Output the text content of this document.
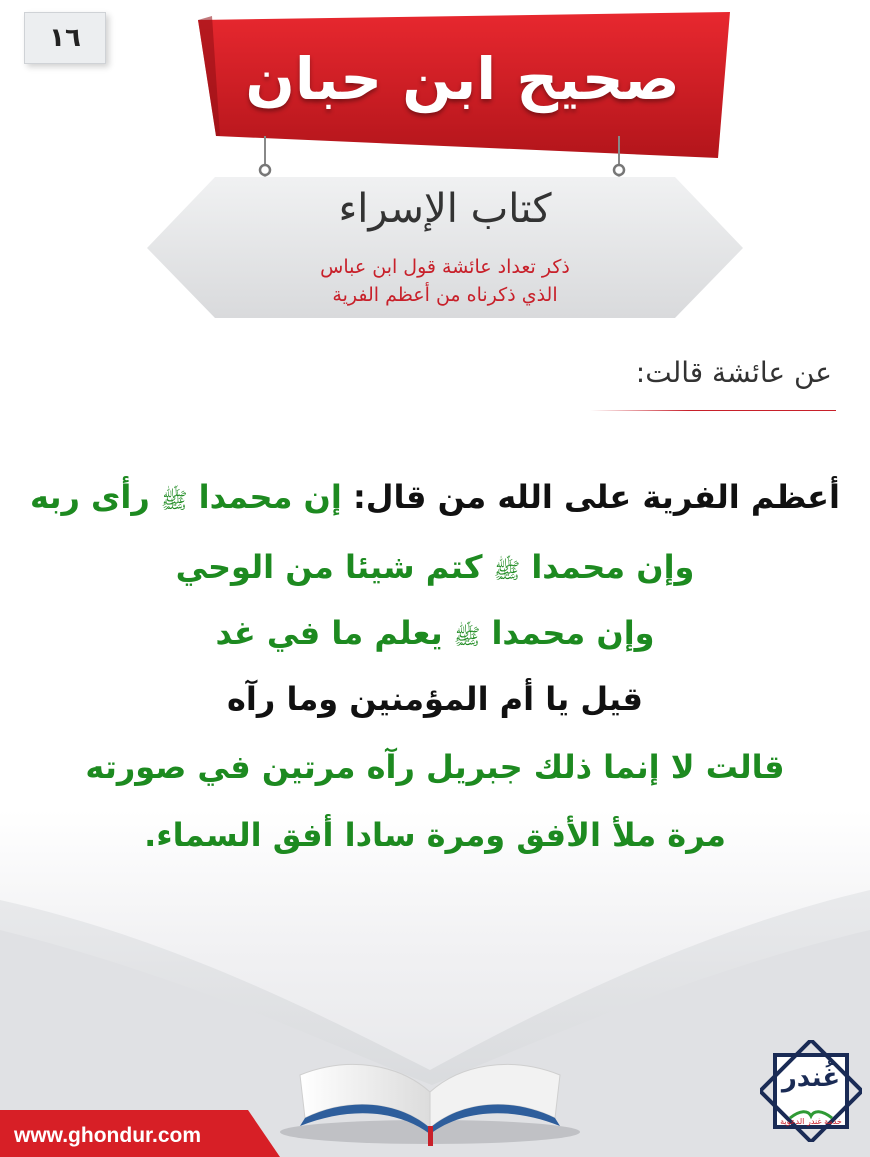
١٦
صحيح ابن حبان
كتاب الإسراء
ذكر تعداد عائشة قول ابن عباس
الذي ذكرناه من أعظم الفرية
عن عائشة قالت:
أعظم الفرية على الله من قال: إن محمدا ﷺ رأى ربه
وإن محمدا ﷺ كتم شيئا من الوحي
وإن محمدا ﷺ يعلم ما في غد
قيل يا أم المؤمنين وما رآه
قالت لا إنما ذلك جبريل رآه مرتين في صورته
مرة ملأ الأفق ومرة سادا أفق السماء.
www.ghondur.com
غُندر
خدمة غندر الدعوية
